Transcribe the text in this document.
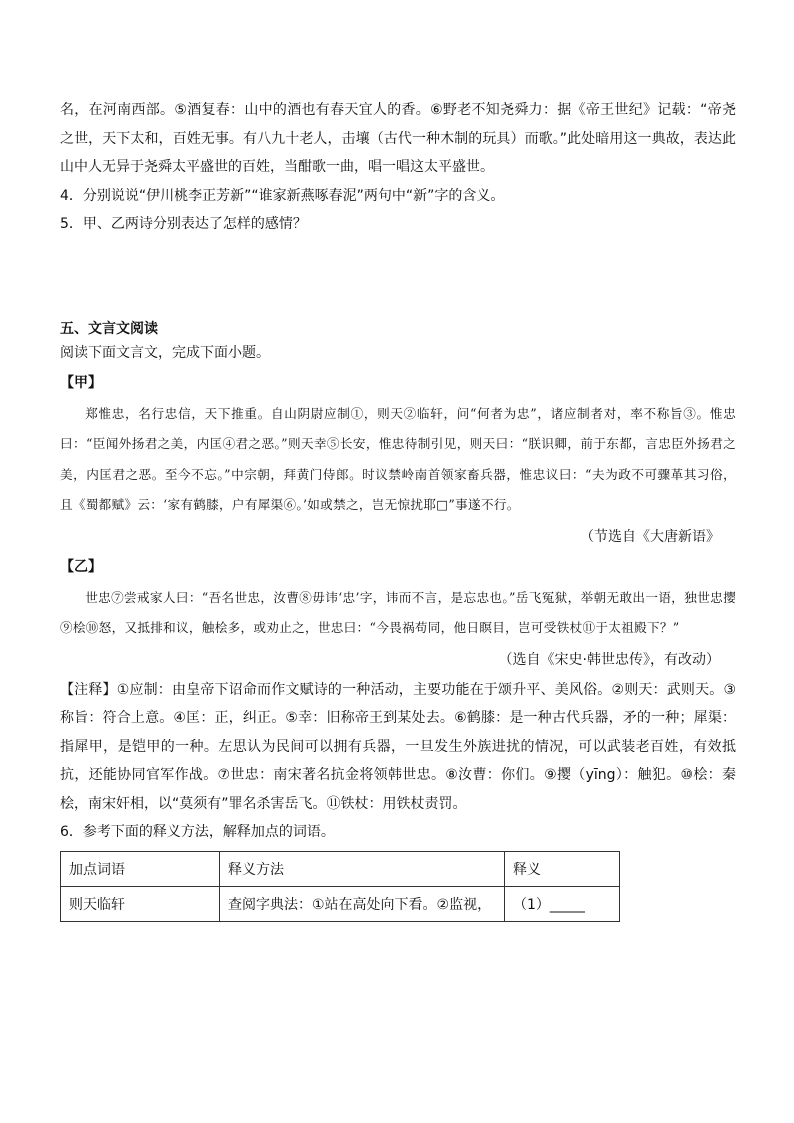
名，在河南西部。⑤酒复春：山中的酒也有春天宜人的香。⑥野老不知尧舜力：据《帝王世纪》记载：“帝尧之世，天下太和，百姓无事。有八九十老人，击壤（古代一种木制的玩具）而歌。”此处暗用这一典故，表达此山中人无异于尧舜太平盛世的百姓，当酣歌一曲，唱一唱这太平盛世。

4．分别说说“伊川桃李正芳新”“谁家新燕啄春泥”两句中“新”字的含义。

5．甲、乙两诗分别表达了怎样的感情？

五、文言文阅读

阅读下面文言文，完成下面小题。

【甲】

郑惟忠，名行忠信，天下推重。自山阴尉应制①，则天②临轩，问“何者为忠”，诸应制者对，率不称旨③。惟忠曰：“臣闻外扬君之美，内匡④君之恶。”则天幸⑤长安，惟忠待制引见，则天曰：“朕识卿，前于东都，言忠臣外扬君之美，内匡君之恶。至今不忘。”中宗朝，拜黄门侍郎。时议禁岭南首领家畜兵器，惟忠议曰：“夫为政不可骤革其习俗，且《蜀都赋》云：‘家有鹤膝，户有犀渠⑥。’如或禁之，岂无惊扰耶□”事遂不行。

（节选自《大唐新语》

【乙】

世忠⑦尝戒家人曰：“吾名世忠，汝曹⑧毋讳‘忠’字，讳而不言，是忘忠也。”岳飞冤狱，举朝无敢出一语，独世忠撄⑨桧⑩怒，又抵排和议，触桧多，或劝止之，世忠曰：“今畏祸苟同，他日瞑目，岂可受铁杖⑪于太祖殿下？”

（选自《宋史·韩世忠传》，有改动）

【注释】①应制：由皇帝下诏命而作文赋诗的一种活动，主要功能在于颂升平、美风俗。②则天：武则天。③称旨：符合上意。④匡：正，纠正。⑤幸：旧称帝王到某处去。⑥鹤膝：是一种古代兵器，矛的一种；犀渠：指犀甲，是铠甲的一种。左思认为民间可以拥有兵器，一旦发生外族进扰的情况，可以武装老百姓，有效抵抗，还能协同官军作战。⑦世忠：南宋著名抗金将领韩世忠。⑧汝曹：你们。⑨撄（yīng）：触犯。⑩桧：秦桧，南宋奸相，以“莫须有”罪名杀害岳飞。⑪铁杖：用铁杖责罚。

6．参考下面的释义方法，解释加点的词语。

加点词语	释义方法	释义
则天临轩	查阅字典法：①站在高处向下看。②监视，	（1）_____
